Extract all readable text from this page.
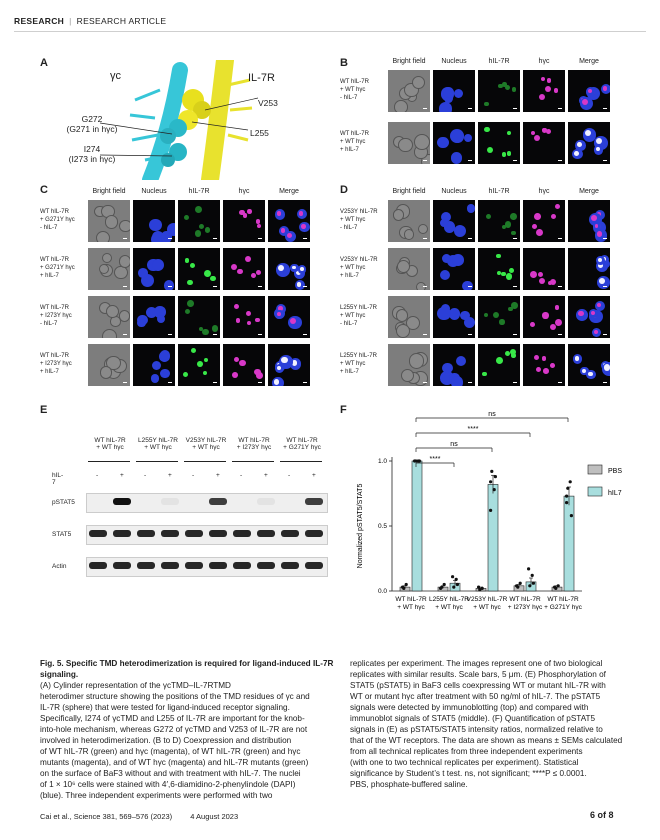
RESEARCH | RESEARCH ARTICLE
A
γc	IL-7R
G272
(G271 in hγc)
I274
(I273 in hγc)
V253
L255
B	Bright field	Nucleus	hIL-7R	hγc	Merge
WT hIL-7R
+ WT hγc
- hIL-7
WT hIL-7R
+ WT hγc
+ hIL-7
C	Bright field	Nucleus	hIL-7R	hγc	Merge
WT hIL-7R
+ G271Y hγc
- hIL-7
WT hIL-7R
+ G271Y hγc
+ hIL-7
WT hIL-7R
+ I273Y hγc
- hIL-7
WT hIL-7R
+ I273Y hγc
+ hIL-7
D	Bright field	Nucleus	hIL-7R	hγc	Merge
V253Y hIL-7R
+ WT hγc
- hIL-7
V253Y hIL-7R
+ WT hγc
+ hIL-7
L255Y hIL-7R
+ WT hγc
- hIL-7
L255Y hIL-7R
+ WT hγc
+ hIL-7
E
WT hIL-7R
+ WT hγc
L255Y hIL-7R
+ WT hγc
V253Y hIL-7R
+ WT hγc
WT hIL-7R
+ I273Y hγc
WT hIL-7R
+ G271Y hγc
hIL-7
-	+	-	+	-	+	-	+	-	+
pSTAT5
STAT5
Actin
F
0.0
0.5
1.0
Normalized pSTAT5/STAT5
WT hIL-7R
+ WT hγc
L255Y hIL-7R
+ WT hγc
V253Y hIL-7R
+ WT hγc
WT hIL-7R
+ I273Y hγc
WT hIL-7R
+ G271Y hγc
****
ns
****
ns
PBS
hIL7
Fig. 5. Specific TMD heterodimerization is required for ligand-induced IL-7R signaling.
(A) Cylinder representation of the γcTMD–IL-7RTMD
heterodimer structure showing the positions of the TMD residues of γc and
IL-7R (sphere) that were tested for ligand-induced receptor signaling.
Specifically, I274 of γcTMD and L255 of IL-7R are important for the knob-
into-hole mechanism, whereas G272 of γcTMD and V253 of IL-7R are not
involved in heterodimerization. (B to D) Coexpression and distribution
of WT hIL-7R (green) and hγc (magenta), of WT hIL-7R (green) and hγc
mutants (magenta), and of WT hγc (magenta) and hIL-7R mutants (green)
on the surface of BaF3 without and with treatment with hIL-7. The nuclei
of 1 × 10⁶ cells were stained with 4′,6-diamidino-2-phenylindole (DAPI)
(blue). Three independent experiments were performed with two
replicates per experiment. The images represent one of two biological
replicates with similar results. Scale bars, 5 μm. (E) Phosphorylation of
STAT5 (pSTAT5) in BaF3 cells coexpressing WT or mutant hIL-7R with
WT or mutant hγc after treatment with 50 ng/ml of hIL-7. The pSTAT5
signals were detected by immunoblotting (top) and compared with
immunoblot signals of STAT5 (middle). (F) Quantification of pSTAT5
signals in (E) as pSTAT5/STAT5 intensity ratios, normalized relative to
that of the WT receptors. The data are shown as means ± SEMs calculated
from all technical replicates from three independent experiments
(with one to two technical replicates per experiment). Statistical
significance by Student’s t test. ns, not significant; ****P ≤ 0.0001.
PBS, phosphate-buffered saline.
Cai et al., Science 381, 569–576 (2023) 4 August 2023	6 of 8
